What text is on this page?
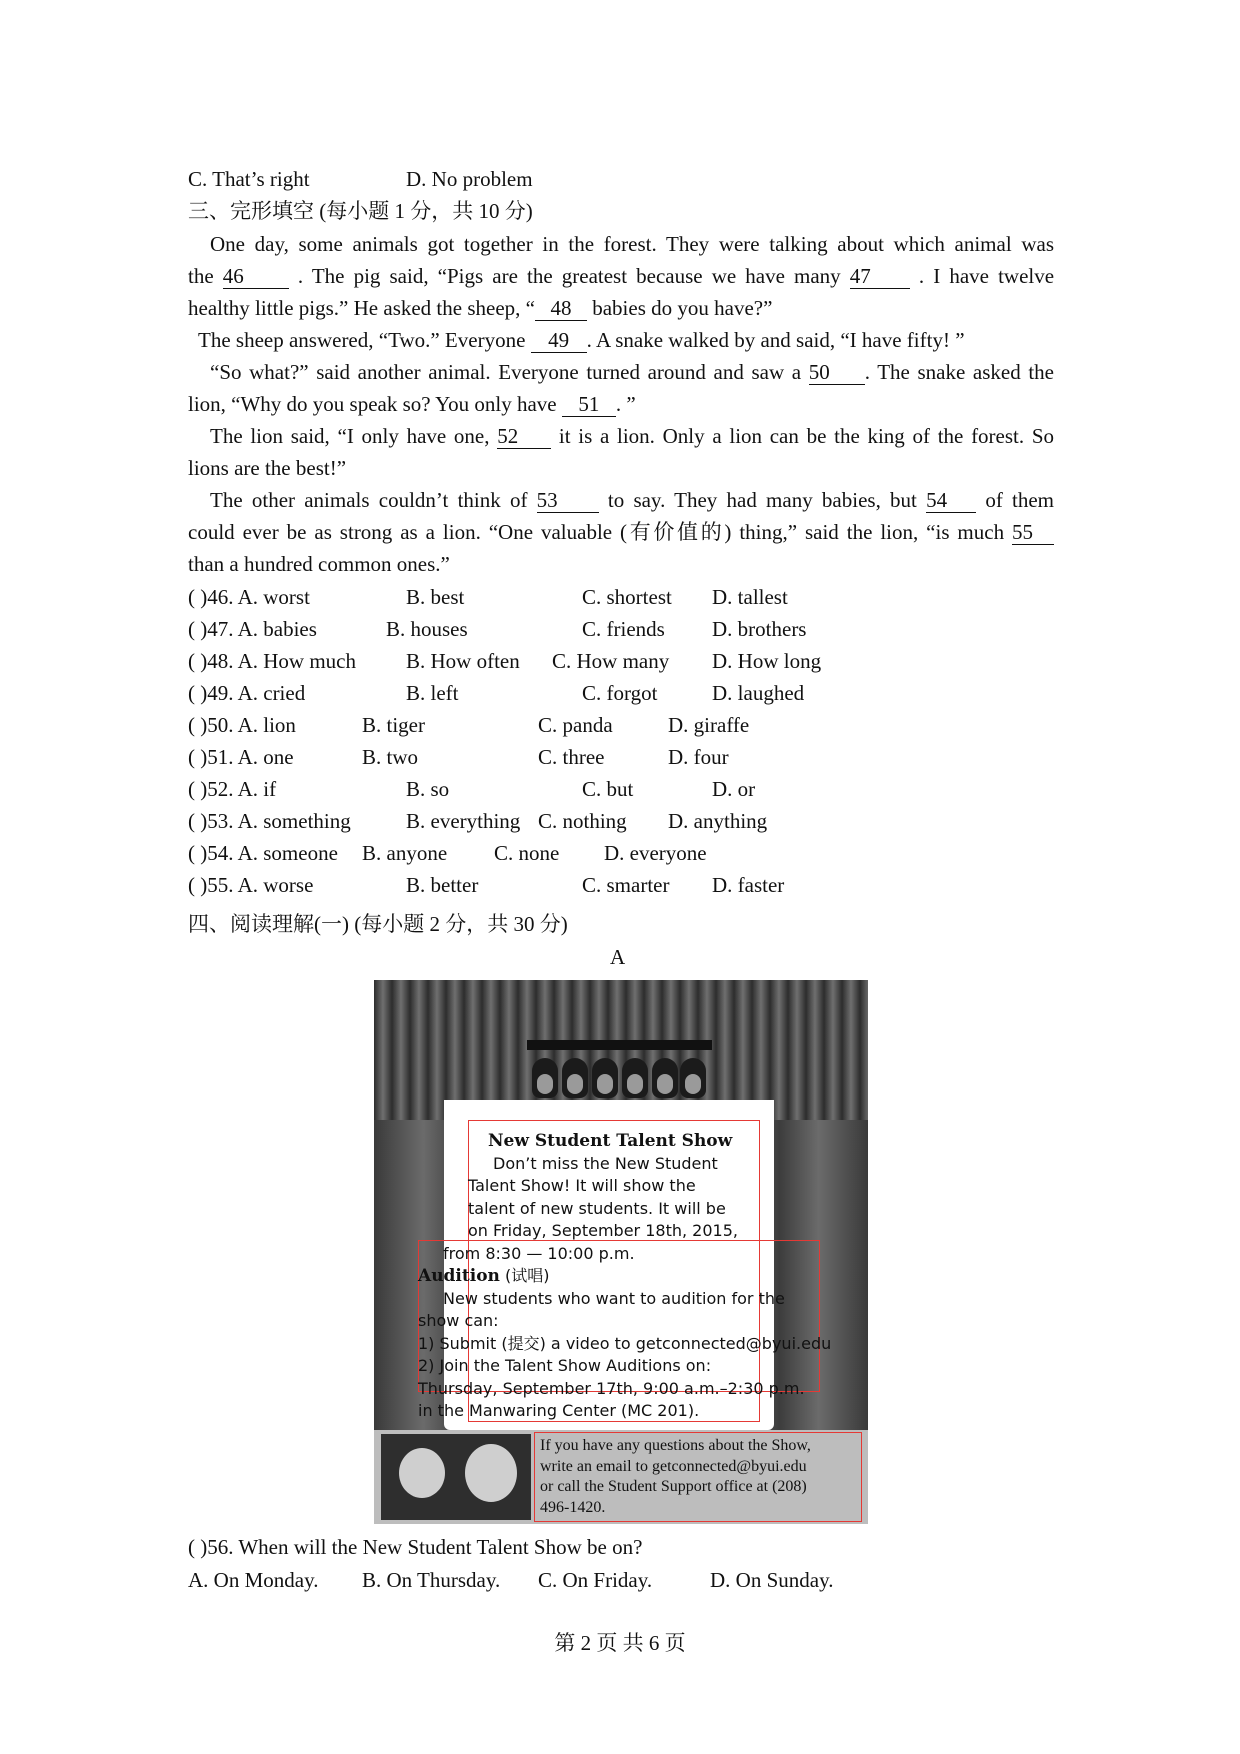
C. That’s right	D. No problem
三、完形填空 (每小题 1 分，共 10 分)
One day, some animals got together in the forest. They were talking about which animal was
the 46	. The pig said, “Pigs are the greatest because we have many 47 . I have twelve
healthy little pigs.” He asked the sheep, “ 48 babies do you have?”
The sheep answered, “Two.” Everyone 49 . A snake walked by and said, “I have fifty! ”
“So what?” said another animal. Everyone turned around and saw a 50 . The snake asked the
lion, “Why do you speak so? You only have 51 . ”
The lion said, “I only have one, 52 it is a lion. Only a lion can be the king of the forest. So
lions are the best!”
The other animals couldn’t think of 53 to say. They had many babies, but 54 of them
could ever be as strong as a lion. “One valuable (有价值的) thing,” said the lion, “is much 55
than a hundred common ones.”
( )46. A. worst	B. best	C. shortest D. tallest
( )47. A. babies	B. houses	C. friends D. brothers
( )48. A. How much B. How often C. How many D. How long
( )49. A. cried	B. left	C. forgot	D. laughed
( )50. A. lion	B. tiger	C. panda	D. giraffe
( )51. A. one	B. two	C. three	D. four
( )52. A. if	B. so	C. but	D. or
( )53. A. something	B. everything C. nothing D. anything
( )54. A. someone B. anyone C. none D. everyone
( )55. A. worse	B. better	C. smarter D. faster
四、阅读理解(一) (每小题 2 分，共 30 分)
A
New Student Talent Show
Don’t miss the New Student
Talent Show! It will show the
talent of new students. It will be
on Friday, September 18th, 2015,
from 8:30 — 10:00 p.m.
Audition (试唱)
New students who want to audition for the
show can:
1) Submit (提交) a video to getconnected@byui.edu
2) Join the Talent Show Auditions on:
Thursday, September 17th, 9:00 a.m.–2:30 p.m.
in the Manwaring Center (MC 201).
If you have any questions about the Show,
write an email to getconnected@byui.edu
or call the Student Support office at (208)
496-1420.
( )56. When will the New Student Talent Show be on?
A. On Monday. B. On Thursday. C. On Friday.	D. On Sunday.
第 2 页 共 6 页
